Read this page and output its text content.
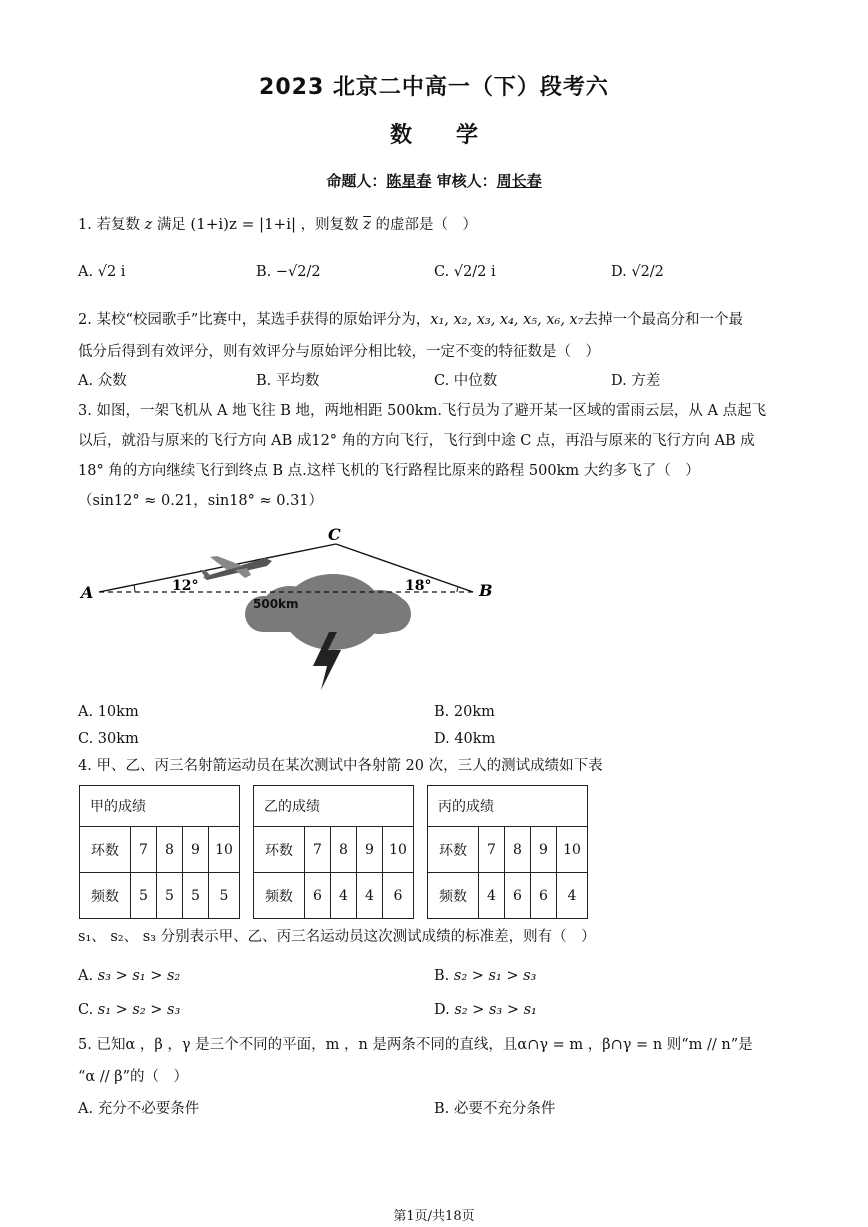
2023 北京二中高一（下）段考六
数　　学
命题人：陈星春 审核人：周长春
1. 若复数 z 满足 (1+i)z = |1+i| ，则复数 $\overline{z}$ 的虚部是（　）
A. √2 i	B. −√2/2	C. √2/2 i	D. √2/2
2. 某校“校园歌手”比赛中，某选手获得的原始评分为，x₁, x₂, x₃, x₄, x₅, x₆, x₇去掉一个最高分和一个最
低分后得到有效评分，则有效评分与原始评分相比较，一定不变的特征数是（　）
A. 众数	B. 平均数	C. 中位数	D. 方差
3. 如图，一架飞机从 A 地飞往 B 地，两地相距 500km.飞行员为了避开某一区域的雷雨云层，从 A 点起飞
以后，就沿与原来的飞行方向 AB 成12° 角的方向飞行，飞行到中途 C 点，再沿与原来的飞行方向 AB 成
18° 角的方向继续飞行到终点 B 点.这样飞机的飞行路程比原来的路程 500km 大约多飞了（　）
（sin12° ≈ 0.21，sin18° ≈ 0.31）
A	B
C
12°	18°
500km
A. 10km	B. 20km
C. 30km	D. 40km
4. 甲、乙、丙三名射箭运动员在某次测试中各射箭 20 次，三人的测试成绩如下表
甲的成绩				
环数	7	8	9	10
频数	5	5	5	5
乙的成绩				
环数	7	8	9	10
频数	6	4	4	6
丙的成绩				
环数	7	8	9	10
频数	4	6	6	4
s₁、 s₂、 s₃ 分别表示甲、乙、丙三名运动员这次测试成绩的标准差，则有（　）
A. s₃ > s₁ > s₂	B. s₂ > s₁ > s₃
C. s₁ > s₂ > s₃	D. s₂ > s₃ > s₁
5. 已知α ，β ，γ 是三个不同的平面，m ，n 是两条不同的直线，且α∩γ = m ，β∩γ = n 则“m // n”是
“α // β”的（　）
A. 充分不必要条件	B. 必要不充分条件
第1页/共18页
